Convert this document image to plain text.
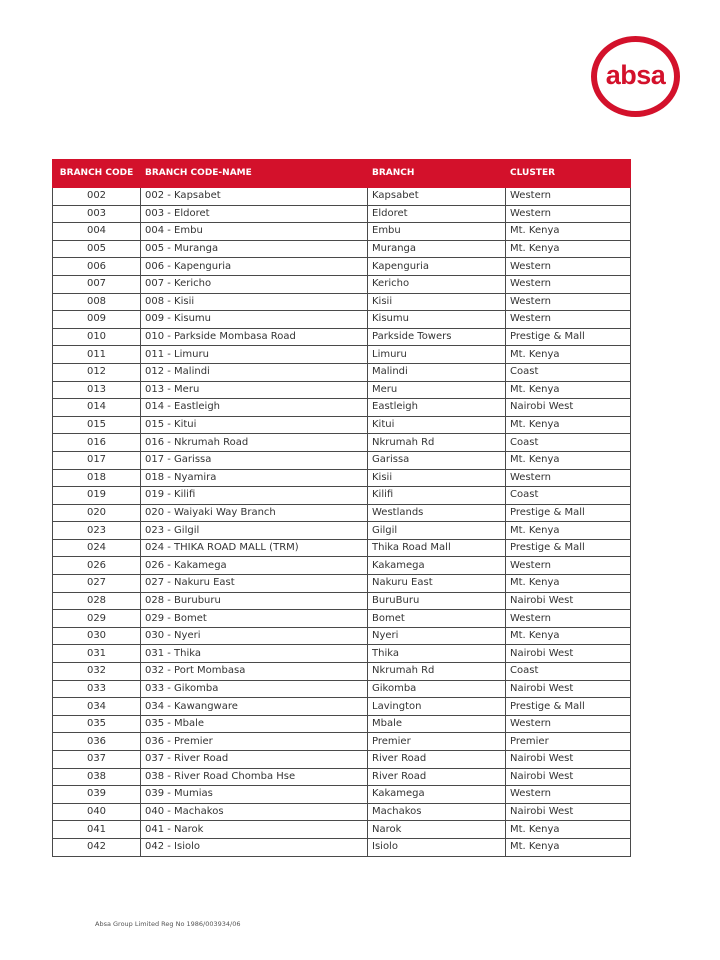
absa
BRANCH CODE	BRANCH CODE-NAME	BRANCH	CLUSTER
002	002 - Kapsabet	Kapsabet	Western
003	003 - Eldoret	Eldoret	Western
004	004 - Embu	Embu	Mt. Kenya
005	005 - Muranga	Muranga	Mt. Kenya
006	006 - Kapenguria	Kapenguria	Western
007	007 - Kericho	Kericho	Western
008	008 - Kisii	Kisii	Western
009	009 - Kisumu	Kisumu	Western
010	010 - Parkside Mombasa Road	Parkside Towers	Prestige & Mall
011	011 - Limuru	Limuru	Mt. Kenya
012	012 - Malindi	Malindi	Coast
013	013 - Meru	Meru	Mt. Kenya
014	014 - Eastleigh	Eastleigh	Nairobi West
015	015 - Kitui	Kitui	Mt. Kenya
016	016 - Nkrumah Road	Nkrumah Rd	Coast
017	017 - Garissa	Garissa	Mt. Kenya
018	018 - Nyamira	Kisii	Western
019	019 - Kilifi	Kilifi	Coast
020	020 - Waiyaki Way Branch	Westlands	Prestige & Mall
023	023 - Gilgil	Gilgil	Mt. Kenya
024	024 - THIKA ROAD MALL (TRM)	Thika Road Mall	Prestige & Mall
026	026 - Kakamega	Kakamega	Western
027	027 - Nakuru East	Nakuru East	Mt. Kenya
028	028 - Buruburu	BuruBuru	Nairobi West
029	029 - Bomet	Bomet	Western
030	030 - Nyeri	Nyeri	Mt. Kenya
031	031 - Thika	Thika	Nairobi West
032	032 - Port Mombasa	Nkrumah Rd	Coast
033	033 - Gikomba	Gikomba	Nairobi West
034	034 - Kawangware	Lavington	Prestige & Mall
035	035 - Mbale	Mbale	Western
036	036 - Premier	Premier	Premier
037	037 - River Road	River Road	Nairobi West
038	038 - River Road Chomba Hse	River Road	Nairobi West
039	039 - Mumias	Kakamega	Western
040	040 - Machakos	Machakos	Nairobi West
041	041 - Narok	Narok	Mt. Kenya
042	042 - Isiolo	Isiolo	Mt. Kenya
Absa Group Limited Reg No 1986/003934/06
